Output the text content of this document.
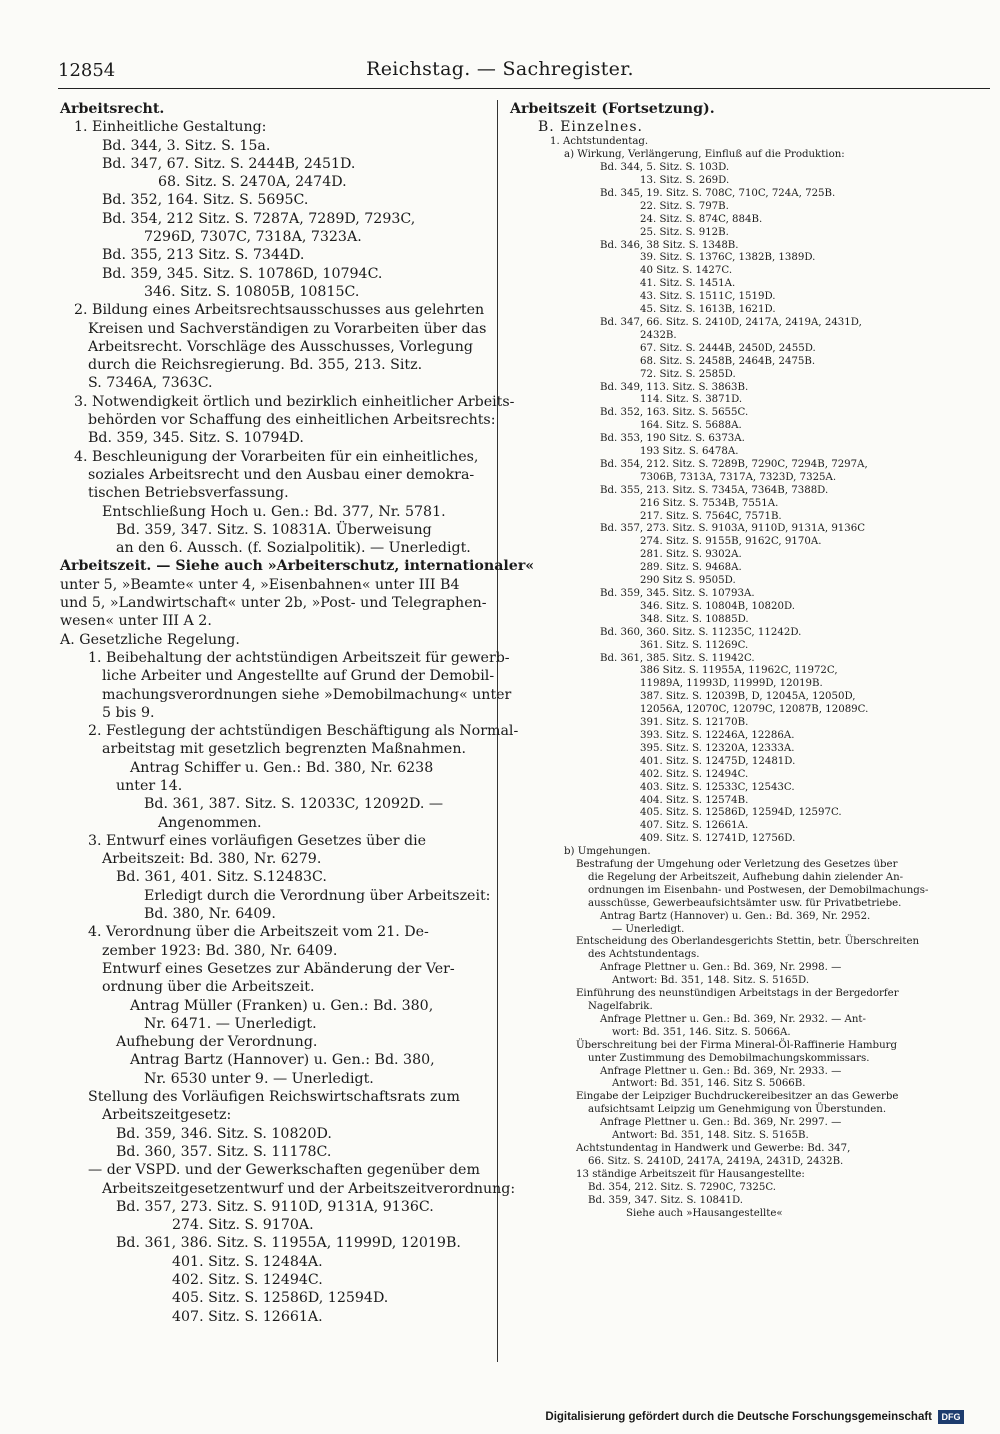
12854	Reichstag. — Sachregister.
Arbeitsrecht.
1. Einheitliche Gestaltung:
Bd. 344, 3. Sitz. S. 15a.
Bd. 347, 67. Sitz. S. 2444B, 2451D.
68. Sitz. S. 2470A, 2474D.
Bd. 352, 164. Sitz. S. 5695C.
Bd. 354, 212 Sitz. S. 7287A, 7289D, 7293C,
7296D, 7307C, 7318A, 7323A.
Bd. 355, 213 Sitz. S. 7344D.
Bd. 359, 345. Sitz. S. 10786D, 10794C.
346. Sitz. S. 10805B, 10815C.
2. Bildung eines Arbeitsrechtsausschusses aus gelehrten
Kreisen und Sachverständigen zu Vorarbeiten über das
Arbeitsrecht. Vorschläge des Ausschusses, Vorlegung
durch die Reichsregierung. Bd. 355, 213. Sitz.
S. 7346A, 7363C.
3. Notwendigkeit örtlich und bezirklich einheitlicher Arbeits-
behörden vor Schaffung des einheitlichen Arbeitsrechts:
Bd. 359, 345. Sitz. S. 10794D.
4. Beschleunigung der Vorarbeiten für ein einheitliches,
soziales Arbeitsrecht und den Ausbau einer demokra-
tischen Betriebsverfassung.
Entschließung Hoch u. Gen.: Bd. 377, Nr. 5781.
Bd. 359, 347. Sitz. S. 10831A. Überweisung
an den 6. Aussch. (f. Sozialpolitik). — Unerledigt.
Arbeitszeit. — Siehe auch »Arbeiterschutz, internationaler«
unter 5, »Beamte« unter 4, »Eisenbahnen« unter III B4
und 5, »Landwirtschaft« unter 2b, »Post- und Telegraphen-
wesen« unter III A 2.
A. Gesetzliche Regelung.
1. Beibehaltung der achtstündigen Arbeitszeit für gewerb-
liche Arbeiter und Angestellte auf Grund der Demobil-
machungsverordnungen siehe »Demobilmachung« unter
5 bis 9.
2. Festlegung der achtstündigen Beschäftigung als Normal-
arbeitstag mit gesetzlich begrenzten Maßnahmen.
Antrag Schiffer u. Gen.: Bd. 380, Nr. 6238
unter 14.
Bd. 361, 387. Sitz. S. 12033C, 12092D. —
Angenommen.
3. Entwurf eines vorläufigen Gesetzes über die
Arbeitszeit: Bd. 380, Nr. 6279.
Bd. 361, 401. Sitz. S.12483C.
Erledigt durch die Verordnung über Arbeitszeit:
Bd. 380, Nr. 6409.
4. Verordnung über die Arbeitszeit vom 21. De-
zember 1923: Bd. 380, Nr. 6409.
Entwurf eines Gesetzes zur Abänderung der Ver-
ordnung über die Arbeitszeit.
Antrag Müller (Franken) u. Gen.: Bd. 380,
Nr. 6471. — Unerledigt.
Aufhebung der Verordnung.
Antrag Bartz (Hannover) u. Gen.: Bd. 380,
Nr. 6530 unter 9. — Unerledigt.
Stellung des Vorläufigen Reichswirtschaftsrats zum
Arbeitszeitgesetz:
Bd. 359, 346. Sitz. S. 10820D.
Bd. 360, 357. Sitz. S. 11178C.
— der VSPD. und der Gewerkschaften gegenüber dem
Arbeitszeitgesetzentwurf und der Arbeitszeitverordnung:
Bd. 357, 273. Sitz. S. 9110D, 9131A, 9136C.
274. Sitz. S. 9170A.
Bd. 361, 386. Sitz. S. 11955A, 11999D, 12019B.
401. Sitz. S. 12484A.
402. Sitz. S. 12494C.
405. Sitz. S. 12586D, 12594D.
407. Sitz. S. 12661A.
Arbeitszeit (Fortsetzung).
B. Einzelnes.
1. Achtstundentag.
a) Wirkung, Verlängerung, Einfluß auf die Produktion:
Bd. 344, 5. Sitz. S. 103D.
13. Sitz. S. 269D.
Bd. 345, 19. Sitz. S. 708C, 710C, 724A, 725B.
22. Sitz. S. 797B.
24. Sitz. S. 874C, 884B.
25. Sitz. S. 912B.
Bd. 346, 38 Sitz. S. 1348B.
39. Sitz. S. 1376C, 1382B, 1389D.
40 Sitz. S. 1427C.
41. Sitz. S. 1451A.
43. Sitz. S. 1511C, 1519D.
45. Sitz. S. 1613B, 1621D.
Bd. 347, 66. Sitz. S. 2410D, 2417A, 2419A, 2431D,
2432B.
67. Sitz. S. 2444B, 2450D, 2455D.
68. Sitz. S. 2458B, 2464B, 2475B.
72. Sitz. S. 2585D.
Bd. 349, 113. Sitz. S. 3863B.
114. Sitz. S. 3871D.
Bd. 352, 163. Sitz. S. 5655C.
164. Sitz. S. 5688A.
Bd. 353, 190 Sitz. S. 6373A.
193 Sitz. S. 6478A.
Bd. 354, 212. Sitz. S. 7289B, 7290C, 7294B, 7297A,
7306B, 7313A, 7317A, 7323D, 7325A.
Bd. 355, 213. Sitz. S. 7345A, 7364B, 7388D.
216 Sitz. S. 7534B, 7551A.
217. Sitz. S. 7564C, 7571B.
Bd. 357, 273. Sitz. S. 9103A, 9110D, 9131A, 9136C
274. Sitz. S. 9155B, 9162C, 9170A.
281. Sitz. S. 9302A.
289. Sitz. S. 9468A.
290 Sitz S. 9505D.
Bd. 359, 345. Sitz. S. 10793A.
346. Sitz. S. 10804B, 10820D.
348. Sitz. S. 10885D.
Bd. 360, 360. Sitz. S. 11235C, 11242D.
361. Sitz. S. 11269C.
Bd. 361, 385. Sitz. S. 11942C.
386 Sitz. S. 11955A, 11962C, 11972C,
11989A, 11993D, 11999D, 12019B.
387. Sitz. S. 12039B, D, 12045A, 12050D,
12056A, 12070C, 12079C, 12087B, 12089C.
391. Sitz. S. 12170B.
393. Sitz. S. 12246A, 12286A.
395. Sitz. S. 12320A, 12333A.
401. Sitz. S. 12475D, 12481D.
402. Sitz. S. 12494C.
403. Sitz. S. 12533C, 12543C.
404. Sitz. S. 12574B.
405. Sitz. S. 12586D, 12594D, 12597C.
407. Sitz. S. 12661A.
409. Sitz. S. 12741D, 12756D.
b) Umgehungen.
Bestrafung der Umgehung oder Verletzung des Gesetzes über
die Regelung der Arbeitszeit, Aufhebung dahin zielender An-
ordnungen im Eisenbahn- und Postwesen, der Demobilmachungs-
ausschüsse, Gewerbeaufsichtsämter usw. für Privatbetriebe.
Antrag Bartz (Hannover) u. Gen.: Bd. 369, Nr. 2952.
— Unerledigt.
Entscheidung des Oberlandesgerichts Stettin, betr. Überschreiten
des Achtstundentags.
Anfrage Plettner u. Gen.: Bd. 369, Nr. 2998. —
Antwort: Bd. 351, 148. Sitz. S. 5165D.
Einführung des neunstündigen Arbeitstags in der Bergedorfer
Nagelfabrik.
Anfrage Plettner u. Gen.: Bd. 369, Nr. 2932. — Ant-
wort: Bd. 351, 146. Sitz. S. 5066A.
Überschreitung bei der Firma Mineral-Öl-Raffinerie Hamburg
unter Zustimmung des Demobilmachungskommissars.
Anfrage Plettner u. Gen.: Bd. 369, Nr. 2933. —
Antwort: Bd. 351, 146. Sitz S. 5066B.
Eingabe der Leipziger Buchdruckereibesitzer an das Gewerbe
aufsichtsamt Leipzig um Genehmigung von Überstunden.
Anfrage Plettner u. Gen.: Bd. 369, Nr. 2997. —
Antwort: Bd. 351, 148. Sitz. S. 5165B.
Achtstundentag in Handwerk und Gewerbe: Bd. 347,
66. Sitz. S. 2410D, 2417A, 2419A, 2431D, 2432B.
13 ständige Arbeitszeit für Hausangestellte:
Bd. 354, 212. Sitz. S. 7290C, 7325C.
Bd. 359, 347. Sitz. S. 10841D.
Siehe auch »Hausangestellte«
Digitalisierung gefördert durch die Deutsche Forschungsgemeinschaft	DFG
